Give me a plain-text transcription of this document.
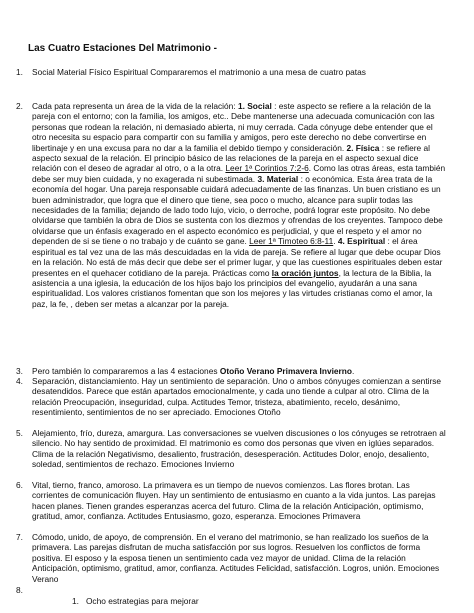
Las Cuatro Estaciones Del Matrimonio -
1.	Social Material Físico Espiritual Compararemos el matrimonio a una mesa de cuatro patas
2.	Cada pata representa un área de la vida de la relación: 1. Social : este aspecto se refiere a la relación de la pareja con el entorno; con la familia, los amigos, etc.. Debe mantenerse una adecuada comunicación con las personas que rodean la relación, ni demasiado abierta, ni muy cerrada. Cada cónyuge debe entender que el otro necesita su espacio para compartir con su familia y amigos, pero este derecho no debe convertirse en libertinaje y en una excusa para no dar a la familia el debido tiempo y consideración. 2. Física : se refiere al aspecto sexual de la relación. El principio básico de las relaciones de la pareja en el aspecto sexual dice relación con el deseo de agradar al otro, o a la otra. Leer 1ª Corintios 7:2-6. Como las otras áreas, esta también debe ser muy bien cuidada, y no exagerada ni subestimada. 3. Material : o económica. Esta área trata de la economía del hogar. Una pareja responsable cuidará adecuadamente de las finanzas. Un buen cristiano es un buen administrador, que logra que el dinero que tiene, sea poco o mucho, alcance para suplir todas las necesidades de la familia; dejando de lado todo lujo, vicio, o derroche, podrá lograr este propósito. No debe olvidarse que también la obra de Dios se sustenta con los diezmos y ofrendas de los creyentes. Tampoco debe olvidarse que un énfasis exagerado en el aspecto económico es perjudicial, y que el respeto y el amor no dependen de si se tiene o no trabajo y de cuánto se gane. Leer 1ª Timoteo 6:8-11. 4. Espiritual : el área espiritual es tal vez una de las más descuidadas en la vida de pareja. Se refiere al lugar que debe ocupar Dios en la relación. No está de más decir que debe ser el primer lugar, y que las cuestiones espirituales deben estar presentes en el quehacer cotidiano de la pareja. Prácticas como la oración juntos, la lectura de la Biblia, la asistencia a una iglesia, la educación de los hijos bajo los principios del evangelio, ayudarán a una sana espiritualidad. Los valores cristianos fomentan que son los mejores y las virtudes cristianas como el amor, la paz, la fe, , deben ser metas a alcanzar por la pareja.
3.	Pero también lo compararemos a las 4 estaciones Otoño Verano Primavera Invierno.
4.	Separación, distanciamiento. Hay un sentimiento de separación. Uno o ambos cónyuges comienzan a sentirse desatendidos. Parece que están apartados emocionalmente, y cada uno tiende a culpar al otro. Clima de la relación Preocupación, inseguridad, culpa. Actitudes Temor, tristeza, abatimiento, recelo, desánimo, resentimiento, sentimientos de no ser apreciado. Emociones Otoño
5.	Alejamiento, frío, dureza, amargura. Las conversaciones se vuelven discusiones o los cónyuges se retrotraen al silencio. No hay sentido de proximidad. El matrimonio es como dos personas que viven en iglúes separados. Clima de la relación Negativismo, desaliento, frustración, desesperación. Actitudes Dolor, enojo, desaliento, soledad, sentimientos de rechazo. Emociones Invierno
6.	Vital, tierno, franco, amoroso. La primavera es un tiempo de nuevos comienzos. Las flores brotan. Las corrientes de comunicación fluyen. Hay un sentimiento de entusiasmo en cuanto a la vida juntos. Las parejas hacen planes. Tienen grandes esperanzas acerca del futuro. Clima de la relación Anticipación, optimismo, gratitud, amor, confianza. Actitudes Entusiasmo, gozo, esperanza. Emociones Primavera
7.	Cómodo, unido, de apoyo, de comprensión. En el verano del matrimonio, se han realizado los sueños de la primavera. Las parejas disfrutan de mucha satisfacción por sus logros. Resuelven los conflictos de forma positiva. El esposo y la esposa tienen un sentimiento cada vez mayor de unidad. Clima de la relación Anticipación, optimismo, gratitud, amor, confianza. Actitudes Felicidad, satisfacción. Logros, unión. Emociones Verano
8.
1. Ocho estrategias para mejorar
